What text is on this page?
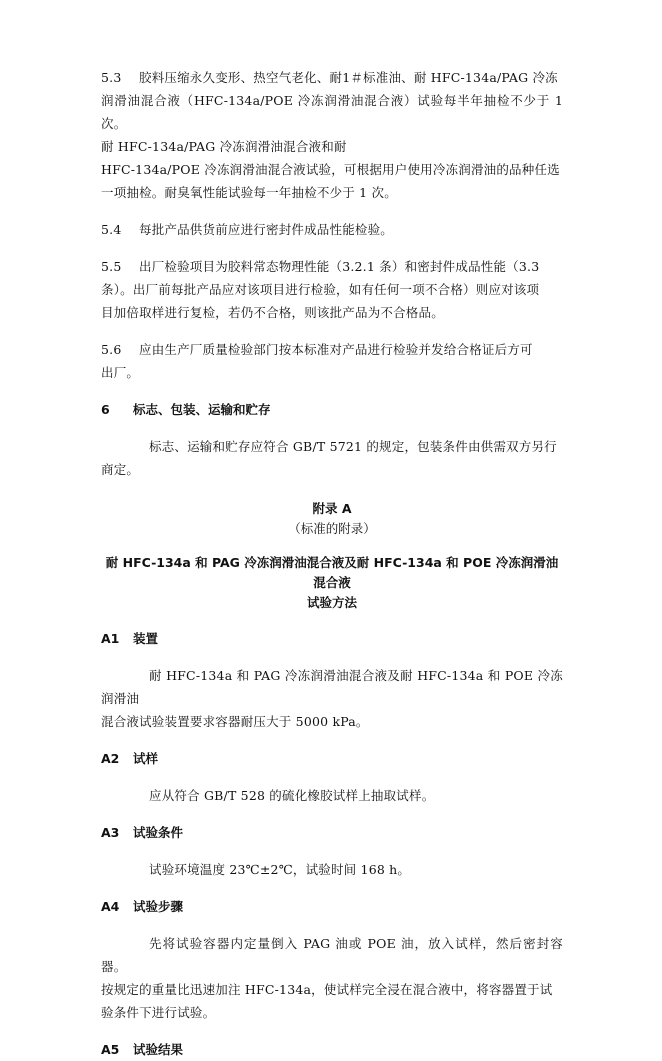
5.3 胶料压缩永久变形、热空气老化、耐1＃标准油、耐 HFC-134a/PAG 冷冻

润滑油混合液（HFC-134a/POE 冷冻润滑油混合液）试验每半年抽检不少于 1 次。

耐 HFC-134a/PAG 冷冻润滑油混合液和耐

HFC-134a/POE 冷冻润滑油混合液试验，可根据用户使用冷冻润滑油的品种任选

一项抽检。耐臭氧性能试验每一年抽检不少于 1 次。

5.4 每批产品供货前应进行密封件成品性能检验。

5.5 出厂检验项目为胶料常态物理性能（3.2.1 条）和密封件成品性能（3.3

条）。出厂前每批产品应对该项目进行检验，如有任何一项不合格）则应对该项

目加倍取样进行复检，若仍不合格，则该批产品为不合格品。

5.6 应由生产厂质量检验部门按本标准对产品进行检验并发给合格证后方可

出厂。

6 标志、包装、运输和贮存

标志、运输和贮存应符合 GB/T 5721 的规定，包装条件由供需双方另行

商定。

附录 A

（标准的附录）

耐 HFC-134a 和 PAG 冷冻润滑油混合液及耐 HFC-134a 和 POE 冷冻润滑油混合液

试验方法

A1 装置

耐 HFC-134a 和 PAG 冷冻润滑油混合液及耐 HFC-134a 和 POE 冷冻润滑油

混合液试验装置要求容器耐压大于 5000 kPa。

A2 试样

应从符合 GB/T 528 的硫化橡胶试样上抽取试样。

A3 试验条件

试验环境温度 23℃±2℃，试验时间 168 h。

A4 试验步骤

先将试验容器内定量倒入 PAG 油或 POE 油，放入试样，然后密封容器。

按规定的重量比迅速加注 HFC-134a，使试样完全浸在混合液中，将容器置于试

验条件下进行试验。

A5 试验结果
